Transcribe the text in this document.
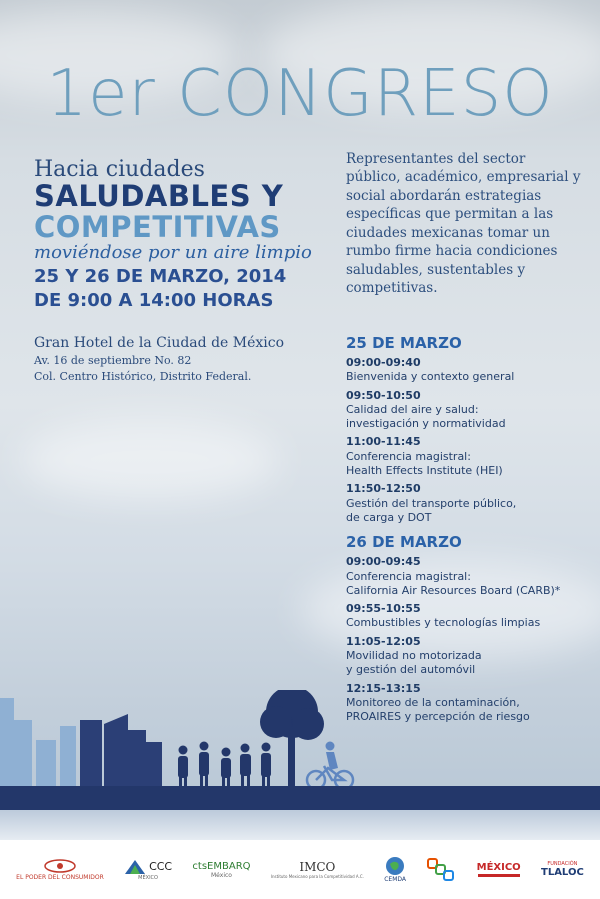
1er CONGRESO
Hacia ciudades
SALUDABLES Y
COMPETITIVAS
moviéndose por un aire limpio
25 Y 26 DE MARZO, 2014
DE 9:00 A 14:00 HORAS
Gran Hotel de la Ciudad de México
Av. 16 de septiembre No. 82
Col. Centro Histórico, Distrito Federal.
Representantes del sector público, académico, empresarial y social abordarán estrategias específicas que permitan a las ciudades mexicanas tomar un rumbo firme hacia condiciones saludables, sustentables y competitivas.
25 DE MARZO
09:00-09:40
Bienvenida y contexto general
09:50-10:50
Calidad del aire y salud:
investigación y normatividad
11:00-11:45
Conferencia magistral:
Health Effects Institute (HEI)
11:50-12:50
Gestión del transporte público,
de carga y DOT
26 DE MARZO
09:00-09:45
Conferencia magistral:
California Air Resources Board (CARB)*
09:55-10:55
Combustibles y tecnologías limpias
11:05-12:05
Movilidad no motorizada
y gestión del automóvil
12:15-13:15
Monitoreo de la contaminación,
PROAIRES y percepción de riesgo
EL PODER DEL CONSUMIDOR
CCC
MÉXICO
ctsEMBARQ
México
IMCO
Instituto Mexicano para la Competitividad A.C.	CEMDA
MÉXICO	FUNDACIÓN
TLALOC
